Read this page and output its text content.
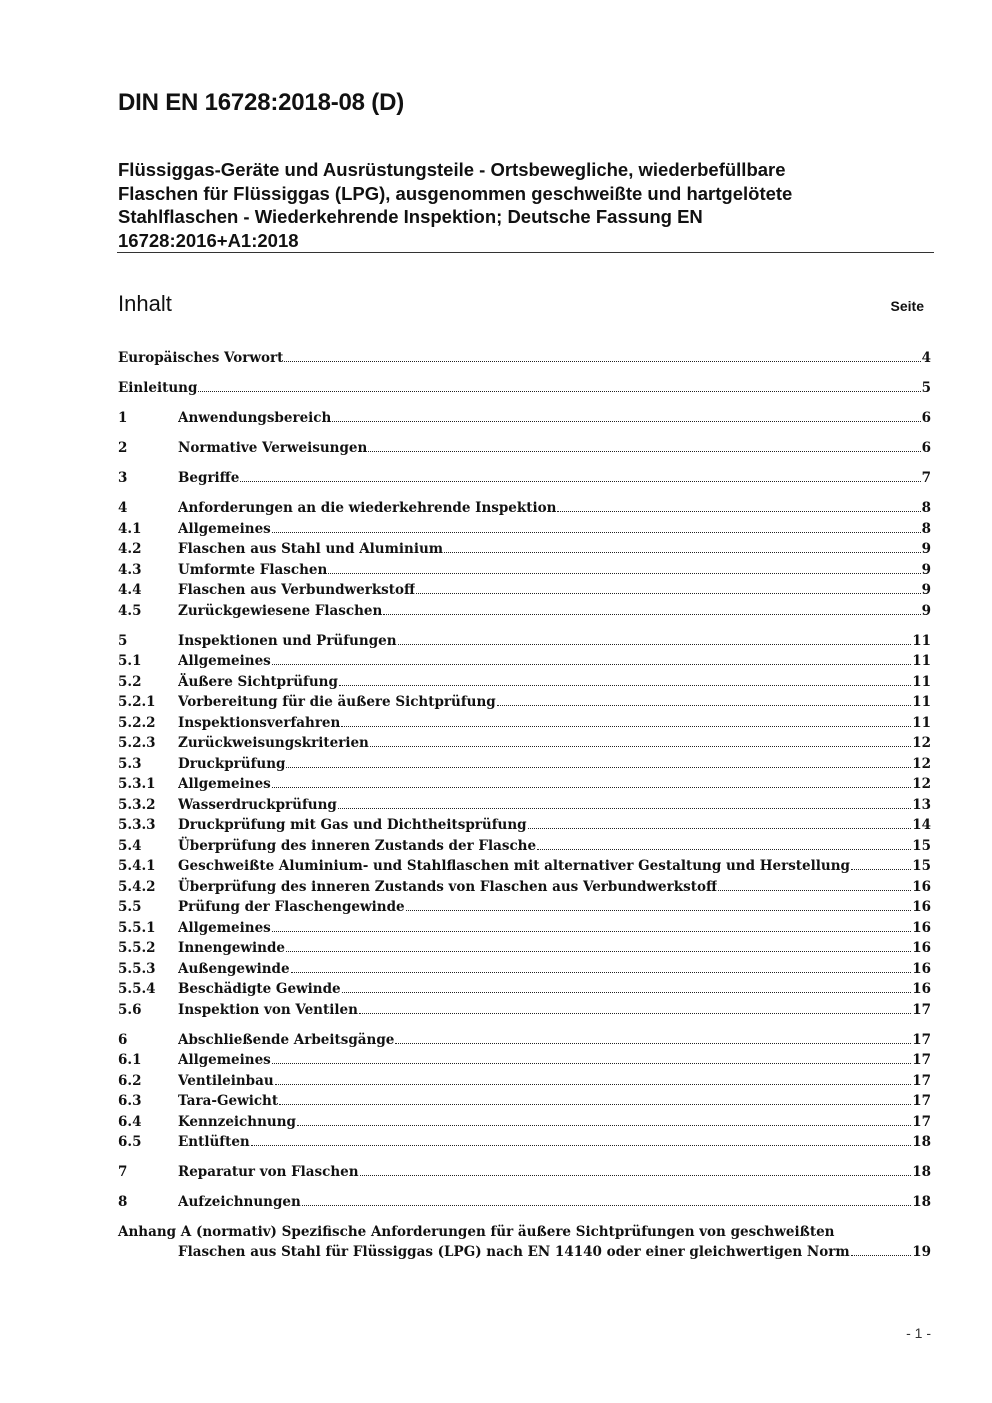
DIN EN 16728:2018-08 (D)
Flüssiggas-Geräte und Ausrüstungsteile - Ortsbewegliche, wiederbefüllbare
Flaschen für Flüssiggas (LPG), ausgenommen geschweißte und hartgelötete
Stahlflaschen - Wiederkehrende Inspektion; Deutsche Fassung EN
16728:2016+A1:2018
Inhalt	Seite
Europäisches Vorwort	4
Einleitung	5
1	Anwendungsbereich	6
2	Normative Verweisungen	6
3	Begriffe	7
4	Anforderungen an die wiederkehrende Inspektion	8
4.1	Allgemeines	8
4.2	Flaschen aus Stahl und Aluminium	9
4.3	Umformte Flaschen	9
4.4	Flaschen aus Verbundwerkstoff	9
4.5	Zurückgewiesene Flaschen	9
5	Inspektionen und Prüfungen	11
5.1	Allgemeines	11
5.2	Äußere Sichtprüfung	11
5.2.1	Vorbereitung für die äußere Sichtprüfung	11
5.2.2	Inspektionsverfahren	11
5.2.3	Zurückweisungskriterien	12
5.3	Druckprüfung	12
5.3.1	Allgemeines	12
5.3.2	Wasserdruckprüfung	13
5.3.3	Druckprüfung mit Gas und Dichtheitsprüfung	14
5.4	Überprüfung des inneren Zustands der Flasche	15
5.4.1	Geschweißte Aluminium- und Stahlflaschen mit alternativer Gestaltung und Herstellung	15
5.4.2	Überprüfung des inneren Zustands von Flaschen aus Verbundwerkstoff	16
5.5	Prüfung der Flaschengewinde	16
5.5.1	Allgemeines	16
5.5.2	Innengewinde	16
5.5.3	Außengewinde	16
5.5.4	Beschädigte Gewinde	16
5.6	Inspektion von Ventilen	17
6	Abschließende Arbeitsgänge	17
6.1	Allgemeines	17
6.2	Ventileinbau	17
6.3	Tara-Gewicht	17
6.4	Kennzeichnung	17
6.5	Entlüften	18
7	Reparatur von Flaschen	18
8	Aufzeichnungen	18
Anhang A (normativ) Spezifische Anforderungen für äußere Sichtprüfungen von geschweißten
Flaschen aus Stahl für Flüssiggas (LPG) nach EN 14140 oder einer gleichwertigen Norm	19
- 1 -
